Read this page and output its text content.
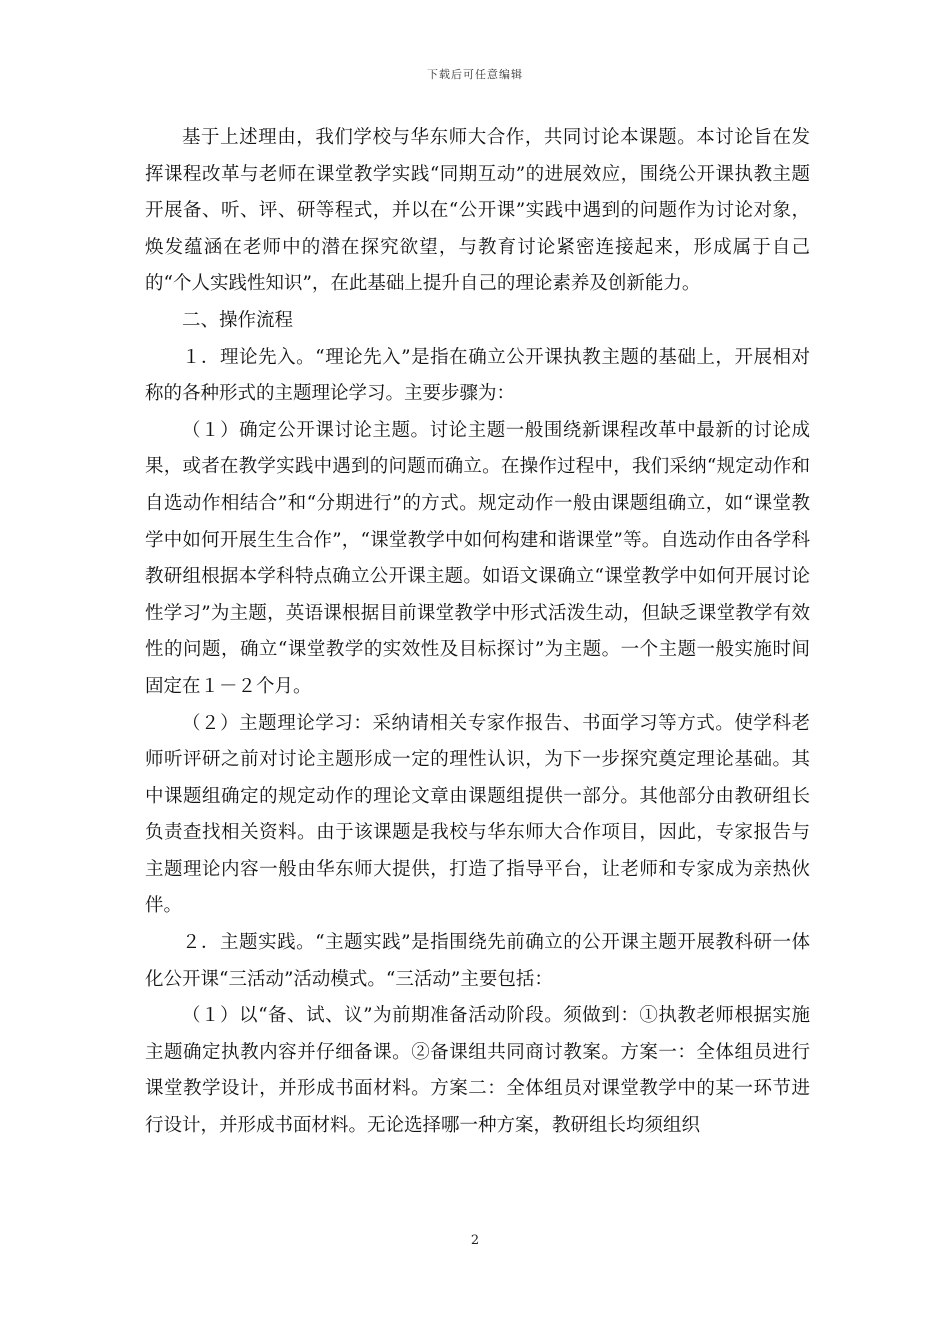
下载后可任意编辑

基于上述理由，我们学校与华东师大合作，共同讨论本课题。本讨论旨在发挥课程改革与老师在课堂教学实践“同期互动”的进展效应，围绕公开课执教主题开展备、听、评、研等程式，并以在“公开课”实践中遇到的问题作为讨论对象，焕发蕴涵在老师中的潜在探究欲望，与教育讨论紧密连接起来，形成属于自己的“个人实践性知识”，在此基础上提升自己的理论素养及创新能力。

二、操作流程

１．理论先入。“理论先入”是指在确立公开课执教主题的基础上，开展相对称的各种形式的主题理论学习。主要步骤为：

（１）确定公开课讨论主题。讨论主题一般围绕新课程改革中最新的讨论成果，或者在教学实践中遇到的问题而确立。在操作过程中，我们采纳“规定动作和自选动作相结合”和“分期进行”的方式。规定动作一般由课题组确立，如“课堂教学中如何开展生生合作”，“课堂教学中如何构建和谐课堂”等。自选动作由各学科教研组根据本学科特点确立公开课主题。如语文课确立“课堂教学中如何开展讨论性学习”为主题，英语课根据目前课堂教学中形式活泼生动，但缺乏课堂教学有效性的问题，确立“课堂教学的实效性及目标探讨”为主题。一个主题一般实施时间固定在１－２个月。

（２）主题理论学习：采纳请相关专家作报告、书面学习等方式。使学科老师听评研之前对讨论主题形成一定的理性认识，为下一步探究奠定理论基础。其中课题组确定的规定动作的理论文章由课题组提供一部分。其他部分由教研组长负责查找相关资料。由于该课题是我校与华东师大合作项目，因此，专家报告与主题理论内容一般由华东师大提供，打造了指导平台，让老师和专家成为亲热伙伴。

２．主题实践。“主题实践”是指围绕先前确立的公开课主题开展教科研一体化公开课“三活动”活动模式。“三活动”主要包括：

（１）以“备、试、议”为前期准备活动阶段。须做到：①执教老师根据实施主题确定执教内容并仔细备课。②备课组共同商讨教案。方案一：全体组员进行课堂教学设计，并形成书面材料。方案二：全体组员对课堂教学中的某一环节进行设计，并形成书面材料。无论选择哪一种方案，教研组长均须组织

2
